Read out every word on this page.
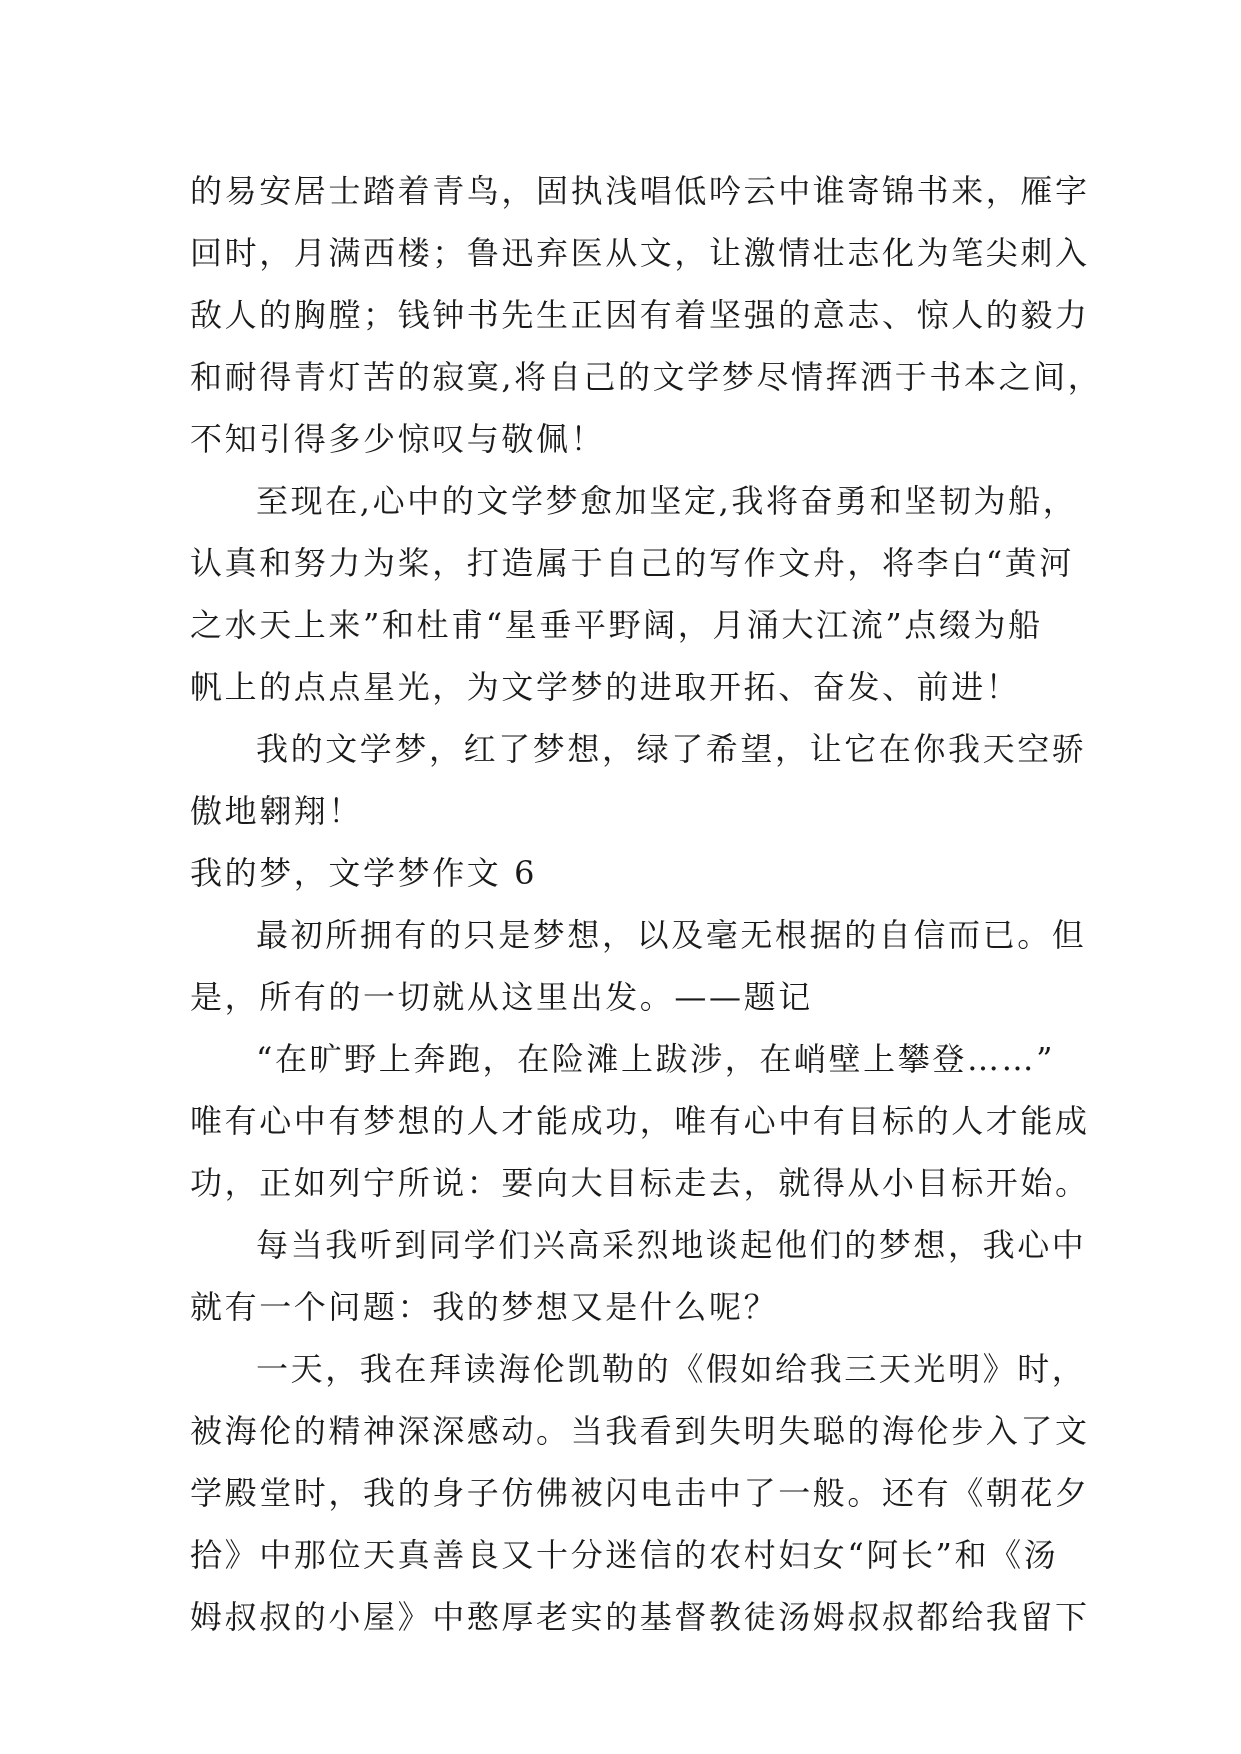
的易安居士踏着青鸟，固执浅唱低吟云中谁寄锦书来，雁字
回时，月满西楼；鲁迅弃医从文，让激情壮志化为笔尖刺入
敌人的胸膛；钱钟书先生正因有着坚强的意志、惊人的毅力
和耐得青灯苦的寂寞,将自己的文学梦尽情挥洒于书本之间，
不知引得多少惊叹与敬佩！
至现在,心中的文学梦愈加坚定,我将奋勇和坚韧为船，
认真和努力为桨，打造属于自己的写作文舟，将李白“黄河
之水天上来”和杜甫“星垂平野阔，月涌大江流”点缀为船
帆上的点点星光，为文学梦的进取开拓、奋发、前进！
我的文学梦，红了梦想，绿了希望，让它在你我天空骄
傲地翱翔！
我的梦，文学梦作文 6
最初所拥有的只是梦想，以及毫无根据的自信而已。但
是，所有的一切就从这里出发。——题记
“在旷野上奔跑，在险滩上跋涉，在峭壁上攀登……”
唯有心中有梦想的人才能成功，唯有心中有目标的人才能成
功，正如列宁所说：要向大目标走去，就得从小目标开始。
每当我听到同学们兴高采烈地谈起他们的梦想，我心中
就有一个问题：我的梦想又是什么呢？
一天，我在拜读海伦凯勒的《假如给我三天光明》时，
被海伦的精神深深感动。当我看到失明失聪的海伦步入了文
学殿堂时，我的身子仿佛被闪电击中了一般。还有《朝花夕
拾》中那位天真善良又十分迷信的农村妇女“阿长”和《汤
姆叔叔的小屋》中憨厚老实的基督教徒汤姆叔叔都给我留下
